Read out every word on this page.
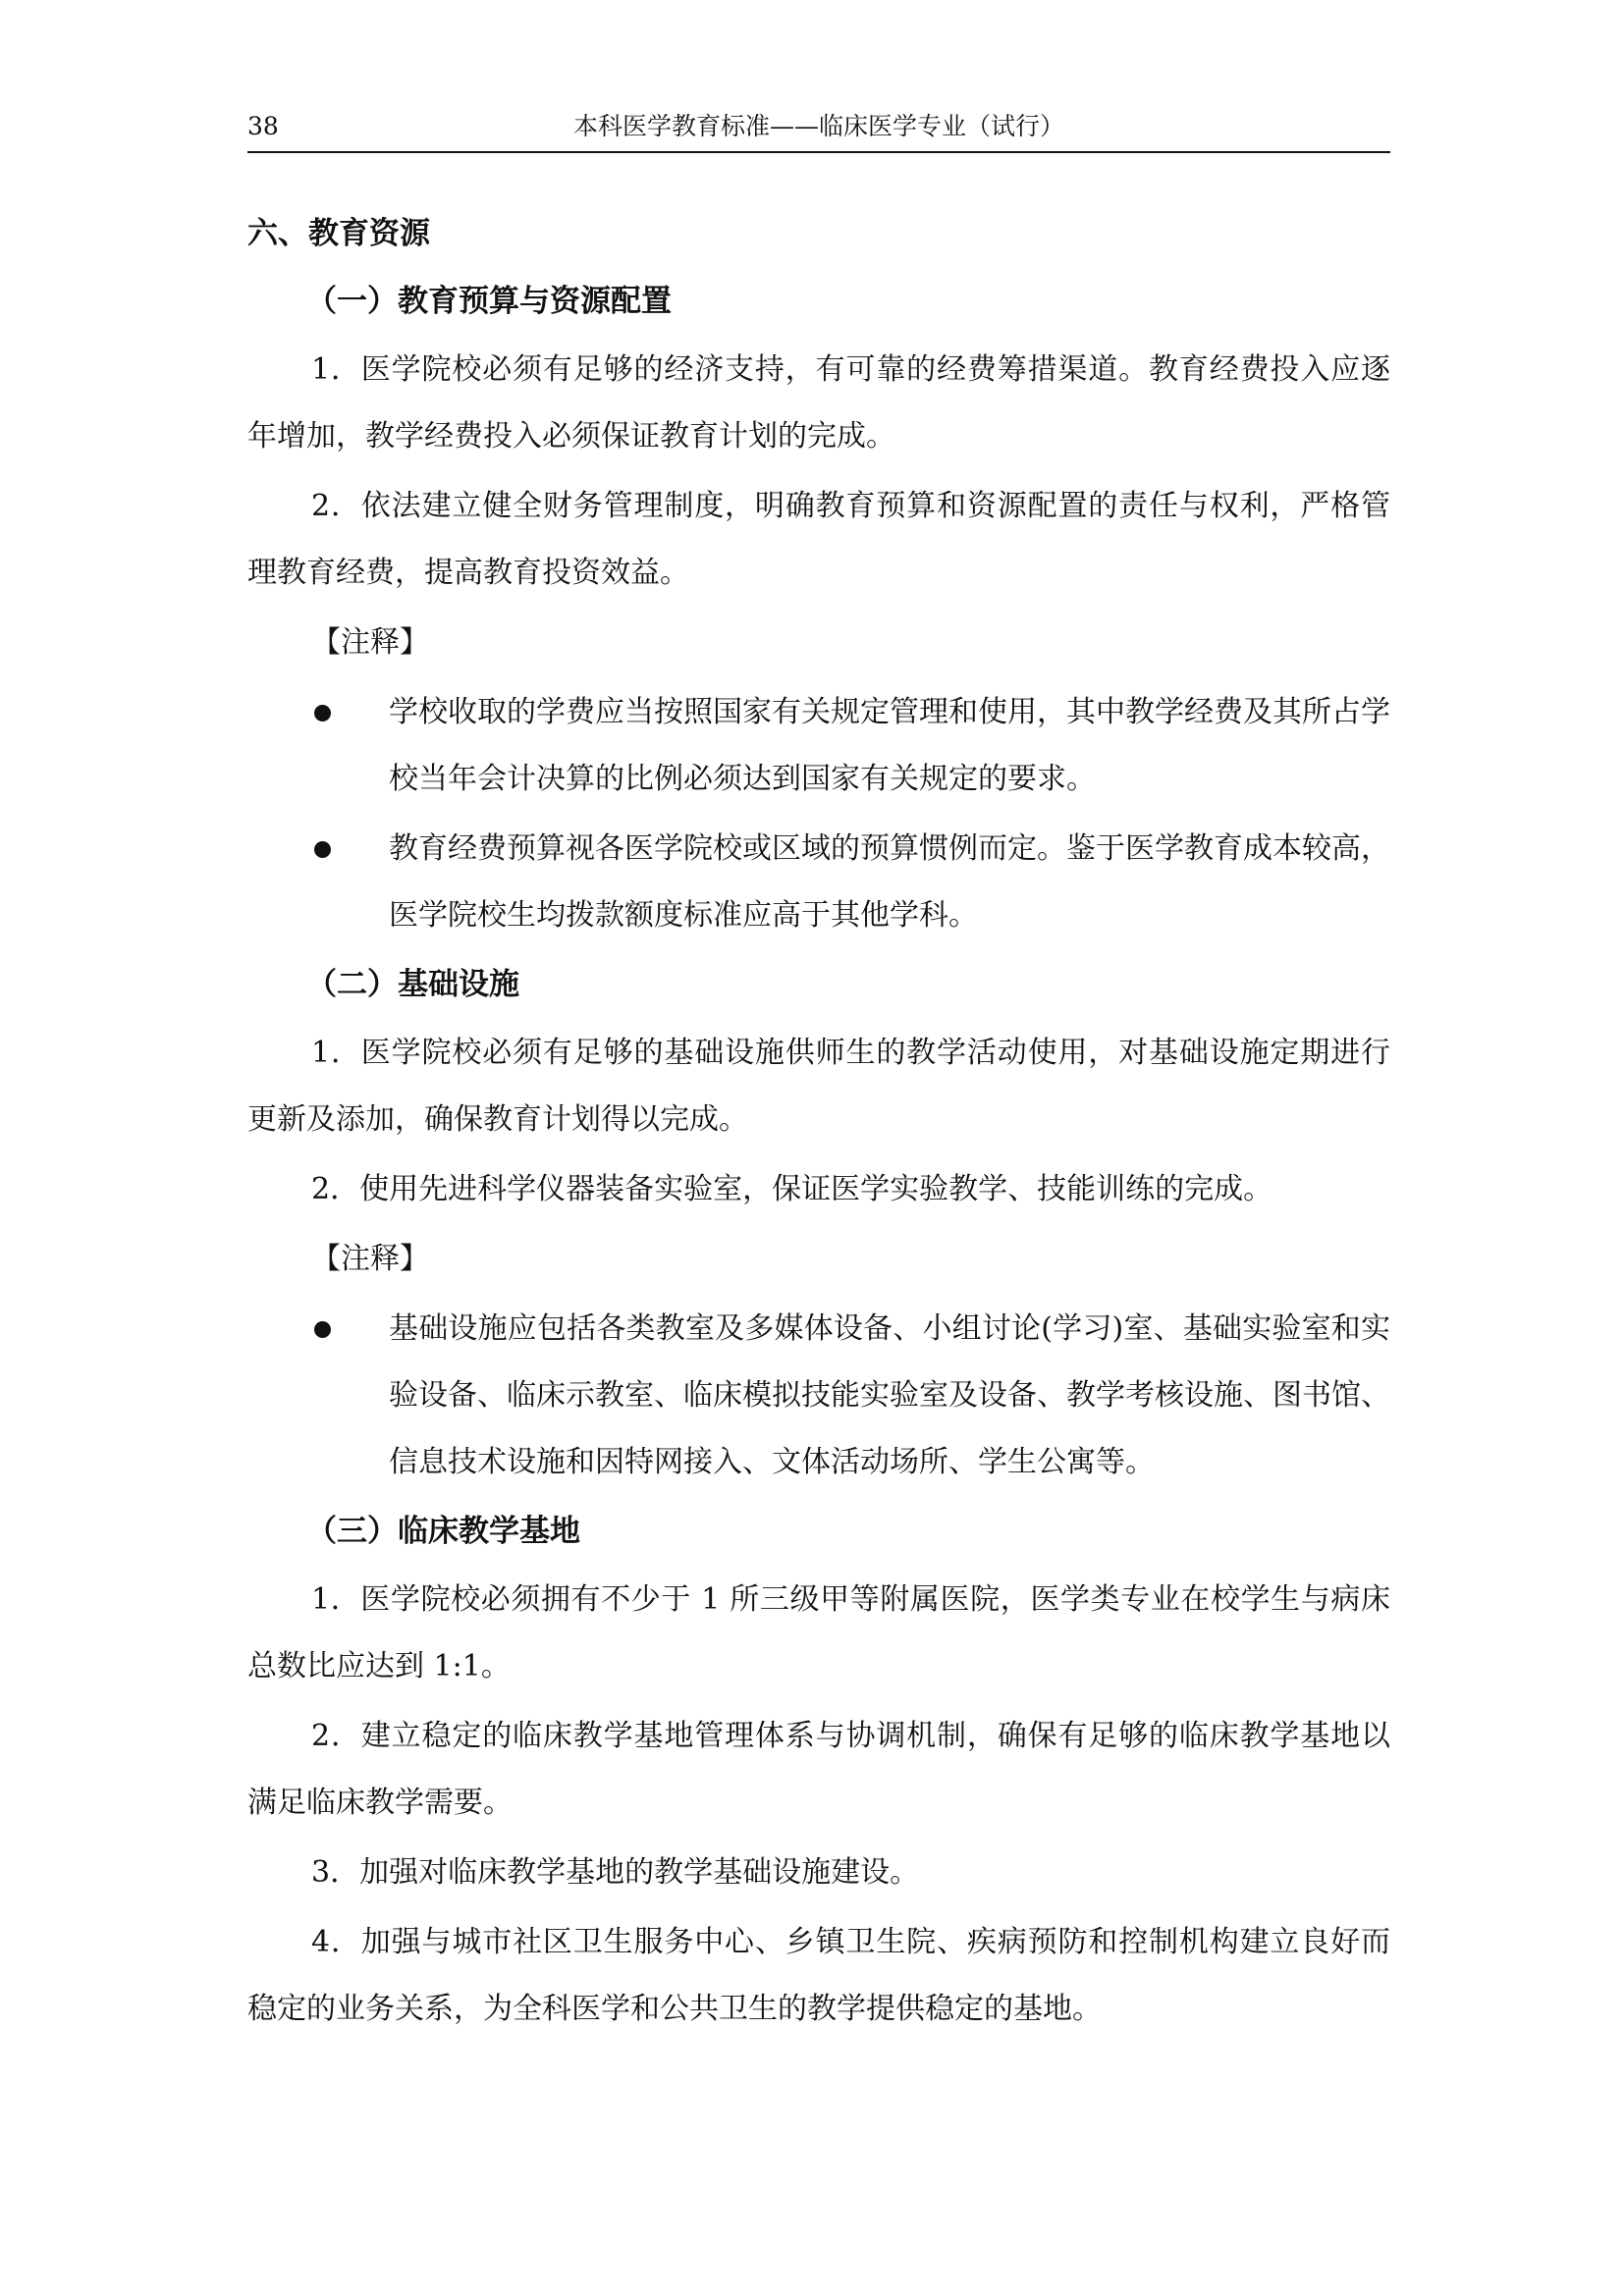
38	本科医学教育标准——临床医学专业（试行）
六、教育资源
（一）教育预算与资源配置

1．医学院校必须有足够的经济支持，有可靠的经费筹措渠道。教育经费投入应逐年增加，教学经费投入必须保证教育计划的完成。

2．依法建立健全财务管理制度，明确教育预算和资源配置的责任与权利，严格管理教育经费，提高教育投资效益。

【注释】
学校收取的学费应当按照国家有关规定管理和使用，其中教学经费及其所占学校当年会计决算的比例必须达到国家有关规定的要求。
教育经费预算视各医学院校或区域的预算惯例而定。鉴于医学教育成本较高，医学院校生均拨款额度标准应高于其他学科。
（二）基础设施

1．医学院校必须有足够的基础设施供师生的教学活动使用，对基础设施定期进行更新及添加，确保教育计划得以完成。

2．使用先进科学仪器装备实验室，保证医学实验教学、技能训练的完成。

【注释】
基础设施应包括各类教室及多媒体设备、小组讨论(学习)室、基础实验室和实验设备、临床示教室、临床模拟技能实验室及设备、教学考核设施、图书馆、信息技术设施和因特网接入、文体活动场所、学生公寓等。
（三）临床教学基地

1．医学院校必须拥有不少于 1 所三级甲等附属医院，医学类专业在校学生与病床总数比应达到 1:1。

2．建立稳定的临床教学基地管理体系与协调机制，确保有足够的临床教学基地以满足临床教学需要。

3．加强对临床教学基地的教学基础设施建设。

4．加强与城市社区卫生服务中心、乡镇卫生院、疾病预防和控制机构建立良好而稳定的业务关系，为全科医学和公共卫生的教学提供稳定的基地。
